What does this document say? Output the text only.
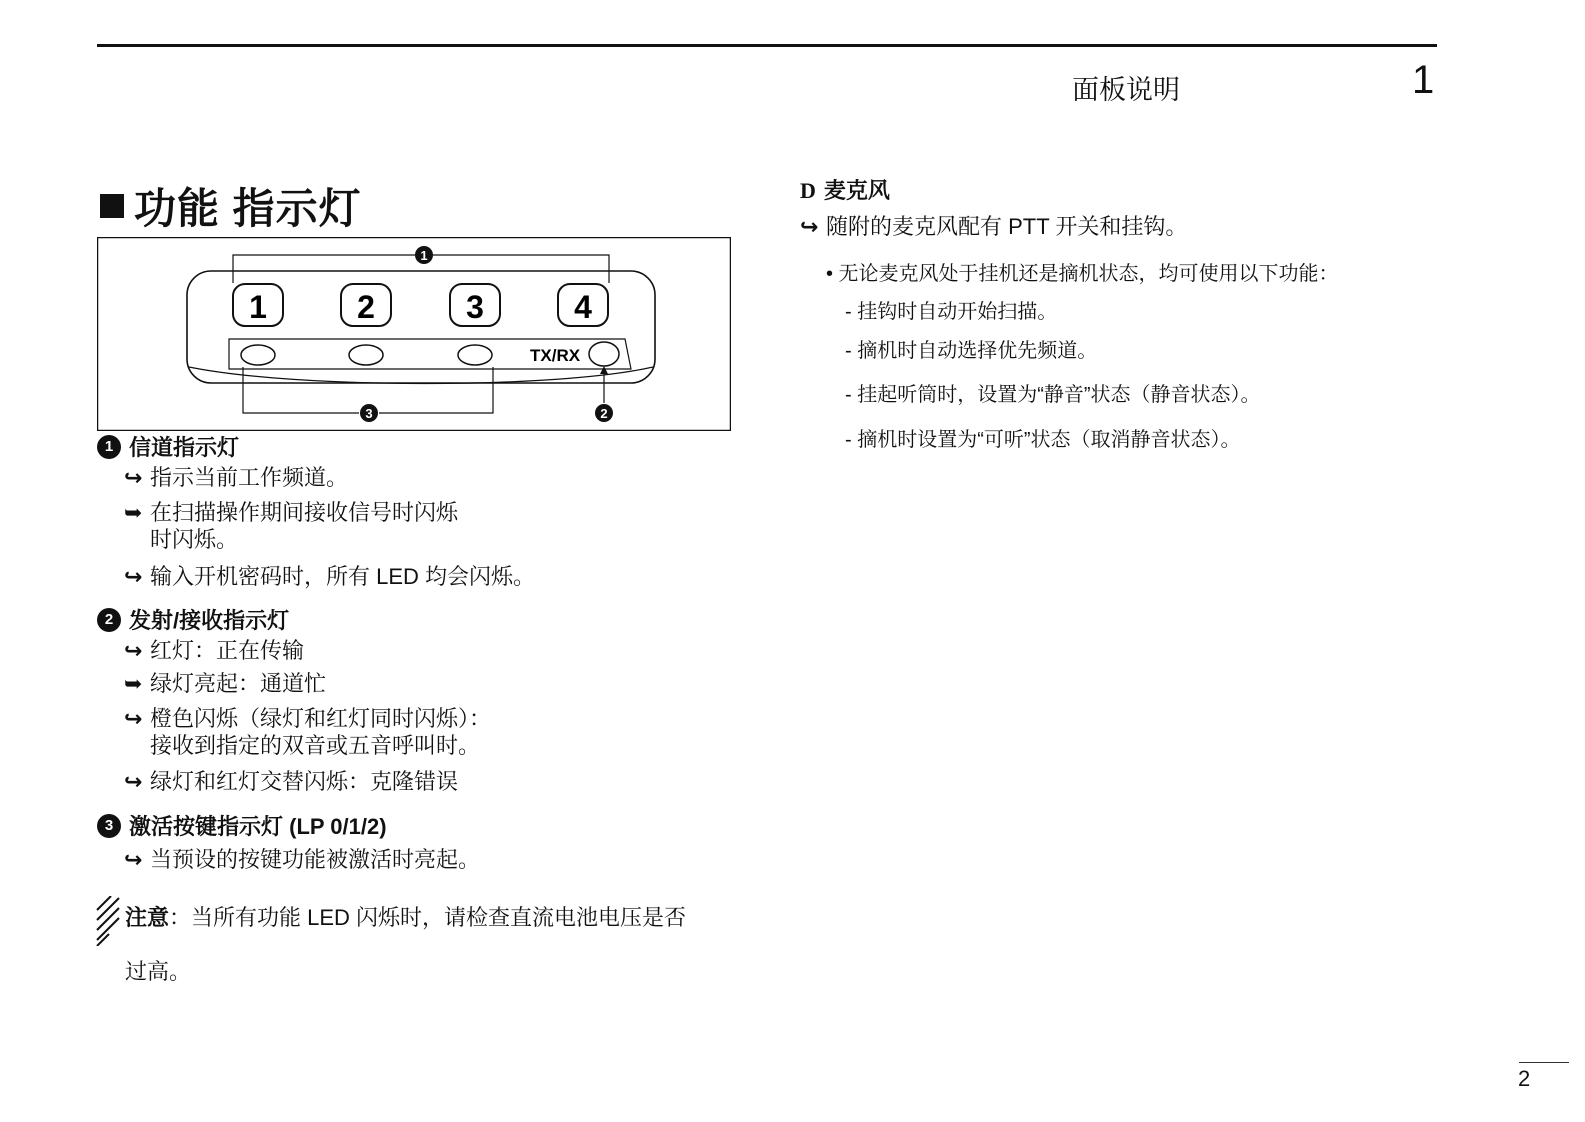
面板说明	1
功能 指示灯
1
1	2	3	4
TX/RX
3	2
1 信道指示灯
↪ 指示当前工作频道。
➥ 在扫描操作期间接收信号时闪烁
时闪烁。
↪ 输入开机密码时，所有 LED 均会闪烁。
2 发射/接收指示灯
↪ 红灯：正在传输
➥ 绿灯亮起：通道忙
↪ 橙色闪烁（绿灯和红灯同时闪烁）：
接收到指定的双音或五音呼叫时。
↪ 绿灯和红灯交替闪烁：克隆错误
3 激活按键指示灯 (LP 0/1/2)
↪ 当预设的按键功能被激活时亮起。
注意：当所有功能 LED 闪烁时，请检查直流电池电压是否
过高。
D 麦克风
↪ 随附的麦克风配有 PTT 开关和挂钩。
• 无论麦克风处于挂机还是摘机状态，均可使用以下功能：
- 挂钩时自动开始扫描。
- 摘机时自动选择优先频道。
- 挂起听筒时，设置为“静音”状态（静音状态）。
- 摘机时设置为“可听”状态（取消静音状态）。
2
